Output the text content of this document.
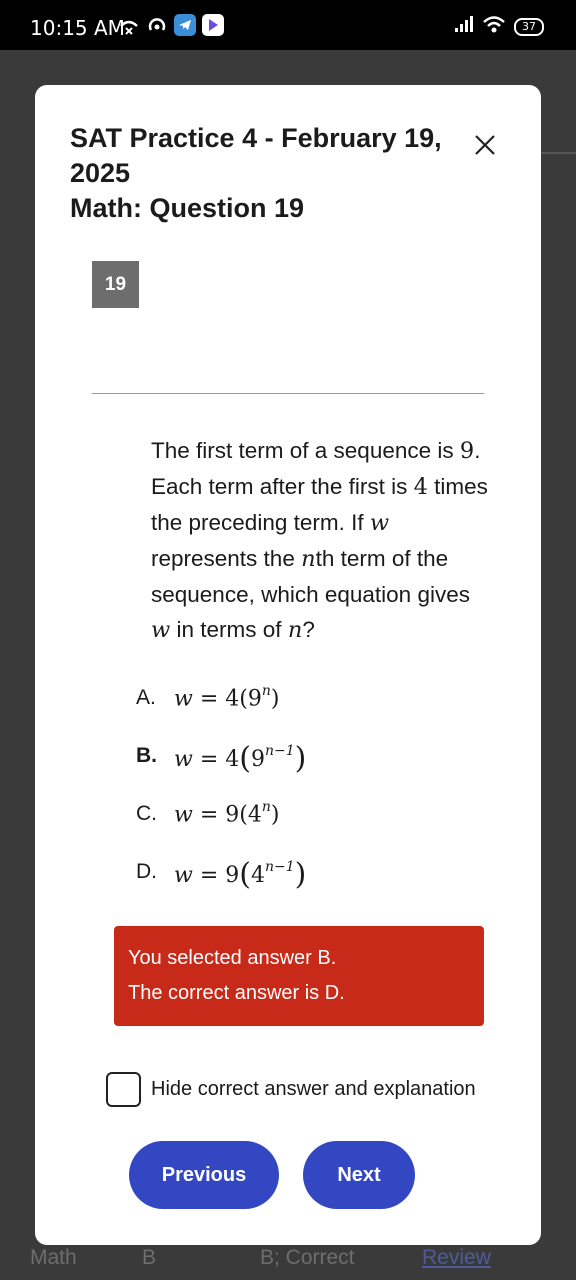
10:15 AM	37
Math	B	B; Correct	Review
SAT Practice 4 - February 19, 2025
Math: Question 19
19
The first term of a sequence is 9. Each term after the first is 4 times the preceding term. If w represents the nth term of the sequence, which equation gives w in terms of n?
A. $w = 4(9^n)$
B. $w = 4(9^{n-1})$
C. $w = 9(4^n)$
D. $w = 9(4^{n-1})$
You selected answer B.
The correct answer is D.
Hide correct answer and explanation
Previous	Next
